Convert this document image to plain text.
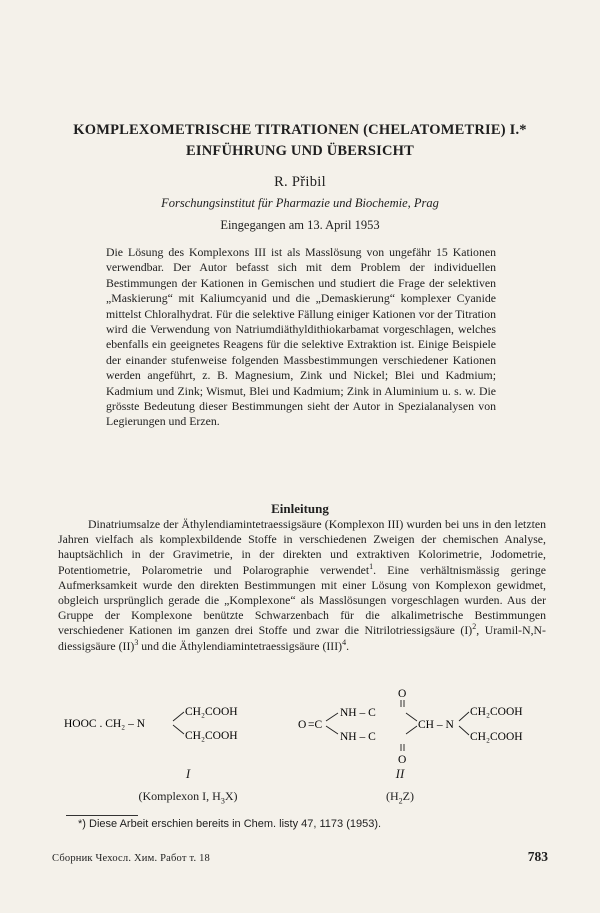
KOMPLEXOMETRISCHE TITRATIONEN (CHELATOMETRIE) I.*
EINFÜHRUNG UND ÜBERSICHT
R. Přibil
Forschungsinstitut für Pharmazie und Biochemie, Prag
Eingegangen am 13. April 1953

Die Lösung des Komplexons III ist als Masslösung von ungefähr 15 Kationen verwendbar. Der Autor befasst sich mit dem Problem der individuellen Bestimmungen der Kationen in Gemischen und studiert die Frage der selektiven „Maskierung“ mit Kaliumcyanid und die „Demaskierung“ komplexer Cyanide mittelst Chloralhydrat. Für die selektive Fällung einiger Kationen vor der Titration wird die Verwendung von Natriumdiäthyldithiokarbamat vorgeschlagen, welches ebenfalls ein geeignetes Reagens für die selektive Extraktion ist. Einige Beispiele der einander stufenweise folgenden Massbestimmungen verschiedener Kationen werden angeführt, z. B. Magnesium, Zink und Nickel; Blei und Kadmium; Kadmium und Zink; Wismut, Blei und Kadmium; Zink in Aluminium u. s. w. Die grösste Bedeutung dieser Bestimmungen sieht der Autor in Spezialanalysen von Legierungen und Erzen.

Einleitung

Dinatriumsalze der Äthylendiamintetraessigsäure (Komplexon III) wurden bei uns in den letzten Jahren vielfach als komplexbildende Stoffe in verschiedenen Zweigen der chemischen Analyse, hauptsächlich in der Gravimetrie, in der direkten und extraktiven Kolorimetrie, Jodometrie, Potentiometrie, Polarometrie und Polarographie verwendet$^1$. Eine verhältnismässig geringe Aufmerksamkeit wurde den direkten Bestimmungen mit einer Lösung von Komplexon gewidmet, obgleich ursprünglich gerade die „Komplexone“ als Masslösungen vorgeschlagen wurden. Aus der Gruppe der Komplexone benützte Schwarzenbach für die alkalimetrische Bestimmungen verschiedener Kationen im ganzen drei Stoffe und zwar die Nitrilotriessigsäure $(I)^2$, Uramil-N,N-diessigsäure (II)$^3$ und die Äthylendiamintetraessigsäure (III)$^4$.

HOOC . CH₂ – N
CH₂COOH
CH₂COOH
I
(Komplexon I, $H_3X$)
O
NH – C
O =C
NH – C
CH – N
CH₂COOH
CH₂COOH
O
II
$(H_2Z)$
*) Diese Arbeit erschien bereits in Chem. listy 47, 1173 (1953).
Сборник Чехосл. Хим. Работ т. 18	783
